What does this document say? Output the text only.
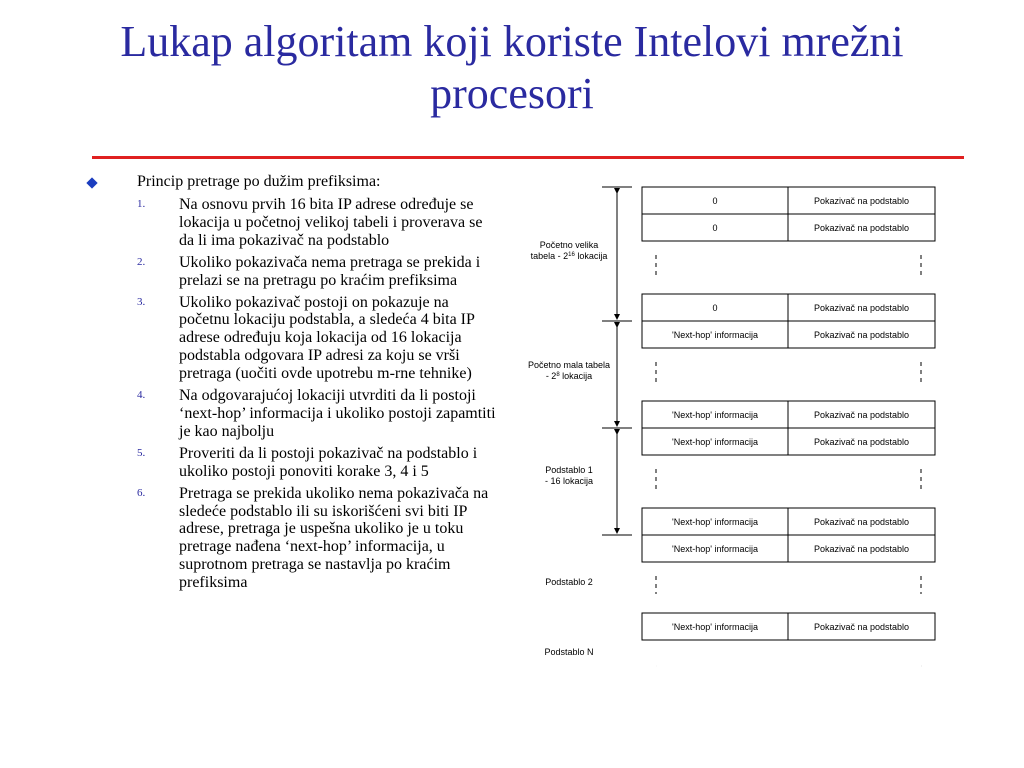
Lukap algoritam koji koriste Intelovi mrežni procesori
Princip pretrage po dužim prefiksima:
1. Na osnovu prvih 16 bita IP adrese određuje se lokacija u početnoj velikoj tabeli i proverava se da li ima pokazivač na podstablo
2. Ukoliko pokazivača nema pretraga se prekida i prelazi se na pretragu po kraćim prefiksima
3. Ukoliko pokazivač postoji on pokazuje na početnu lokaciju podstabla, a sledeća 4 bita IP adrese određuju koja lokacija od 16 lokacija podstabla odgovara IP adresi za koju se vrši pretraga (uočiti ovde upotrebu m-rne tehnike)
4. Na odgovarajućoj lokaciji utvrditi da li postoji ‘next-hop’ informacija i ukoliko postoji zapamtiti je kao najbolju
5. Proveriti da li postoji pokazivač na podstablo i ukoliko postoji ponoviti korake 3, 4 i 5
6. Pretraga se prekida ukoliko nema pokazivača na sledeće podstablo ili su iskorišćeni svi biti IP adrese, pretraga je uspešna ukoliko je u toku pretrage nađena ‘next-hop’ informacija, u suprotnom pretraga se nastavlja po kraćim prefiksima
0	Pokazivač na podstablo
0	Pokazivač na podstablo
0	Pokazivač na podstablo
'Next-hop' informacija	Pokazivač na podstablo
'Next-hop' informacija	Pokazivač na podstablo
'Next-hop' informacija	Pokazivač na podstablo
'Next-hop' informacija	Pokazivač na podstablo
'Next-hop' informacija	Pokazivač na podstablo
'Next-hop' informacija	Pokazivač na podstablo
Početno velika
tabela - $2^{16}$ lokacija
Početno mala tabela
- $2^8$ lokacija
Podstablo 1
- 16 lokacija
Podstablo 2
Podstablo N
